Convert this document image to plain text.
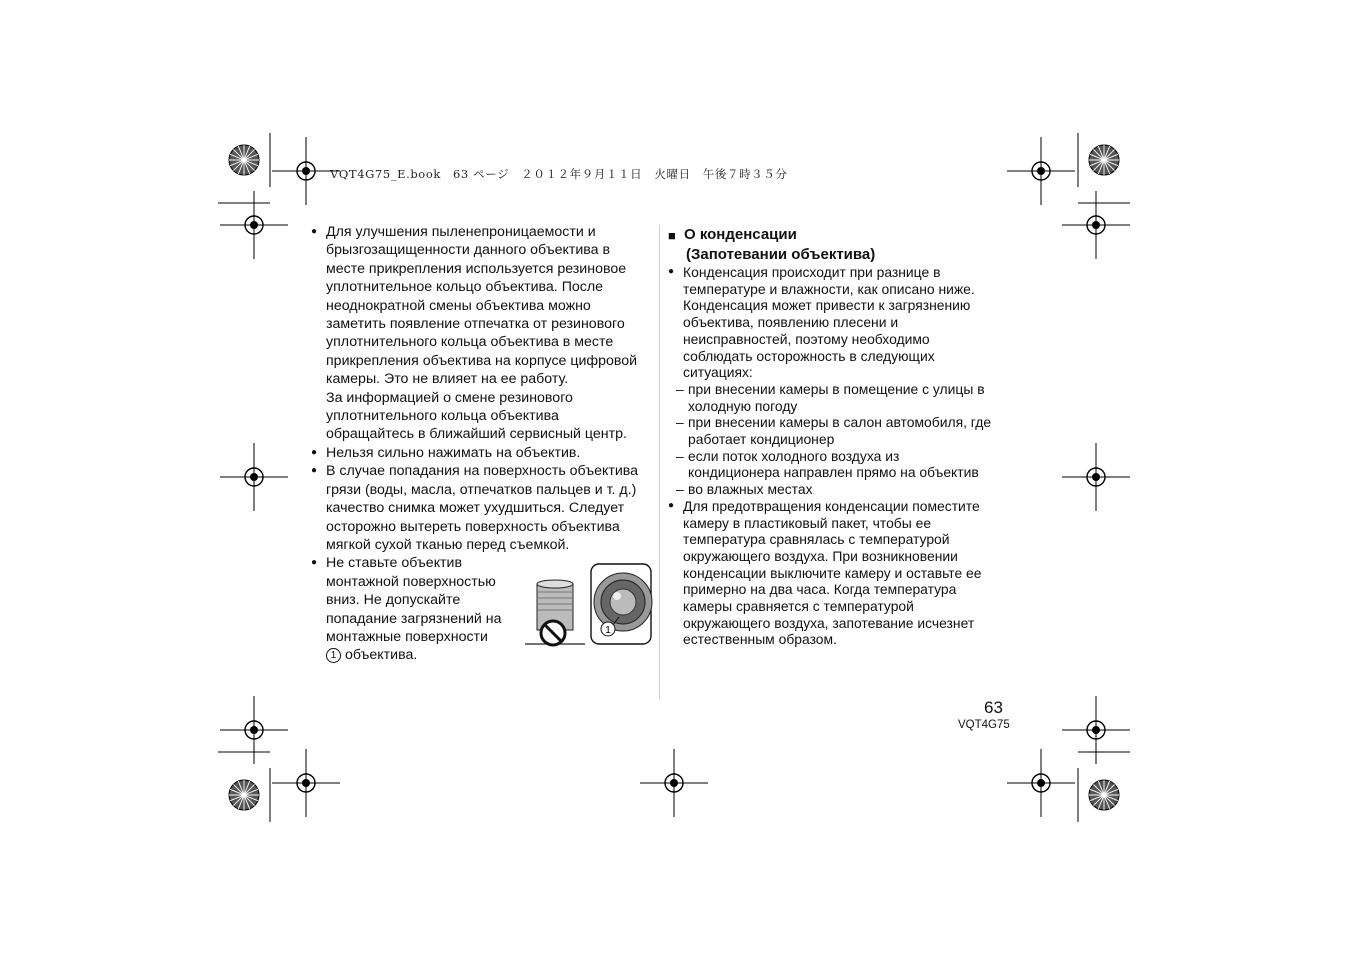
VQT4G75_E.book　63 ページ　２０１２年９月１１日　火曜日　午後７時３５分
● Для улучшения пыленепроницаемости и
брызгозащищенности данного объектива в
месте прикрепления используется резиновое
уплотнительное кольцо объектива. После
неоднократной смены объектива можно
заметить появление отпечатка от резинового
уплотнительного кольца объектива в месте
прикрепления объектива на корпусе цифровой
камеры. Это не влияет на ее работу.
За информацией о смене резинового
уплотнительного кольца объектива
обращайтесь в ближайший сервисный центр.
● Нельзя сильно нажимать на объектив.
● В случае попадания на поверхность объектива
грязи (воды, масла, отпечатков пальцев и т. д.)
качество снимка может ухудшиться. Следует
осторожно вытереть поверхность объектива
мягкой сухой тканью перед съемкой.
● Не ставьте объектив
монтажной поверхностью
вниз. Не допускайте
попадание загрязнений на
монтажные поверхности
1 объектива.
1
■ О конденсации
(Запотевании объектива)
● Конденсация происходит при разнице в
температуре и влажности, как описано ниже.
Конденсация может привести к загрязнению
объектива, появлению плесени и
неисправностей, поэтому необходимо
соблюдать осторожность в следующих
ситуациях:
– при внесении камеры в помещение с улицы в
холодную погоду
– при внесении камеры в салон автомобиля, где
работает кондиционер
– если поток холодного воздуха из
кондиционера направлен прямо на объектив
– во влажных местах
● Для предотвращения конденсации поместите
камеру в пластиковый пакет, чтобы ее
температура сравнялась с температурой
окружающего воздуха. При возникновении
конденсации выключите камеру и оставьте ее
примерно на два часа. Когда температура
камеры сравняется с температурой
окружающего воздуха, запотевание исчезнет
естественным образом.
63
VQT4G75
